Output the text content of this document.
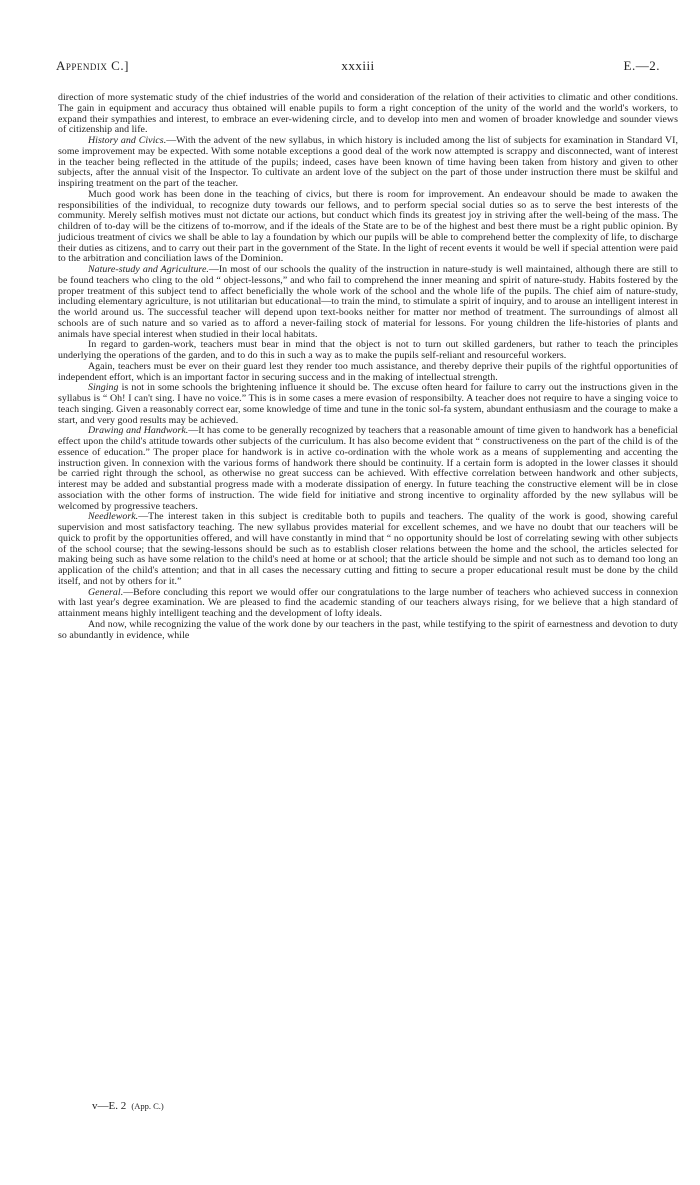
Appendix C.]	xxxiii	E.—2.

direction of more systematic study of the chief industries of the world and consideration of the relation of their activities to climatic and other conditions. The gain in equipment and accuracy thus obtained will enable pupils to form a right conception of the unity of the world and the world's workers, to expand their sympathies and interest, to embrace an ever-widening circle, and to develop into men and women of broader knowledge and sounder views of citizenship and life.

History and Civics.—With the advent of the new syllabus, in which history is included among the list of subjects for examination in Standard VI, some improvement may be expected. With some notable exceptions a good deal of the work now attempted is scrappy and disconnected, want of interest in the teacher being reflected in the attitude of the pupils; indeed, cases have been known of time having been taken from history and given to other subjects, after the annual visit of the Inspector. To cultivate an ardent love of the subject on the part of those under instruction there must be skilful and inspiring treatment on the part of the teacher.

Much good work has been done in the teaching of civics, but there is room for improvement. An endeavour should be made to awaken the responsibilities of the individual, to recognize duty towards our fellows, and to perform special social duties so as to serve the best interests of the community. Merely selfish motives must not dictate our actions, but conduct which finds its greatest joy in striving after the well-being of the mass. The children of to-day will be the citizens of to-morrow, and if the ideals of the State are to be of the highest and best there must be a right public opinion. By judicious treatment of civics we shall be able to lay a foundation by which our pupils will be able to comprehend better the complexity of life, to discharge their duties as citizens, and to carry out their part in the government of the State. In the light of recent events it would be well if special attention were paid to the arbitration and conciliation laws of the Dominion.

Nature-study and Agriculture.—In most of our schools the quality of the instruction in nature-study is well maintained, although there are still to be found teachers who cling to the old “ object-lessons,” and who fail to comprehend the inner meaning and spirit of nature-study. Habits fostered by the proper treatment of this subject tend to affect beneficially the whole work of the school and the whole life of the pupils. The chief aim of nature-study, including elementary agriculture, is not utilitarian but educational—to train the mind, to stimulate a spirit of inquiry, and to arouse an intelligent interest in the world around us. The successful teacher will depend upon text-books neither for matter nor method of treatment. The surroundings of almost all schools are of such nature and so varied as to afford a never-failing stock of material for lessons. For young children the life-histories of plants and animals have special interest when studied in their local habitats.

In regard to garden-work, teachers must bear in mind that the object is not to turn out skilled gardeners, but rather to teach the principles underlying the operations of the garden, and to do this in such a way as to make the pupils self-reliant and resourceful workers.

Again, teachers must be ever on their guard lest they render too much assistance, and thereby deprive their pupils of the rightful opportunities of independent effort, which is an important factor in securing success and in the making of intellectual strength.

Singing is not in some schools the brightening influence it should be. The excuse often heard for failure to carry out the instructions given in the syllabus is “ Oh! I can't sing. I have no voice.” This is in some cases a mere evasion of responsibilty. A teacher does not require to have a singing voice to teach singing. Given a reasonably correct ear, some knowledge of time and tune in the tonic sol-fa system, abundant enthusiasm and the courage to make a start, and very good results may be achieved.

Drawing and Handwork.—It has come to be generally recognized by teachers that a reasonable amount of time given to handwork has a beneficial effect upon the child's attitude towards other subjects of the curriculum. It has also become evident that “ constructiveness on the part of the child is of the essence of education.” The proper place for handwork is in active co-ordination with the whole work as a means of supplementing and accenting the instruction given. In connexion with the various forms of handwork there should be continuity. If a certain form is adopted in the lower classes it should be carried right through the school, as otherwise no great success can be achieved. With effective correlation between handwork and other subjects, interest may be added and substantial progress made with a moderate dissipation of energy. In future teaching the constructive element will be in close association with the other forms of instruction. The wide field for initiative and strong incentive to orginality afforded by the new syllabus will be welcomed by progressive teachers.

Needlework.—The interest taken in this subject is creditable both to pupils and teachers. The quality of the work is good, showing careful supervision and most satisfactory teaching. The new syllabus provides material for excellent schemes, and we have no doubt that our teachers will be quick to profit by the opportunities offered, and will have constantly in mind that “ no opportunity should be lost of correlating sewing with other subjects of the school course; that the sewing-lessons should be such as to establish closer relations between the home and the school, the articles selected for making being such as have some relation to the child's need at home or at school; that the article should be simple and not such as to demand too long an application of the child's attention; and that in all cases the necessary cutting and fitting to secure a proper educational result must be done by the child itself, and not by others for it.”

General.—Before concluding this report we would offer our congratulations to the large number of teachers who achieved success in connexion with last year's degree examination. We are pleased to find the academic standing of our teachers always rising, for we believe that a high standard of attainment means highly intelligent teaching and the development of lofty ideals.

And now, while recognizing the value of the work done by our teachers in the past, while testifying to the spirit of earnestness and devotion to duty so abundantly in evidence, while

v—E. 2 (App. C.)
